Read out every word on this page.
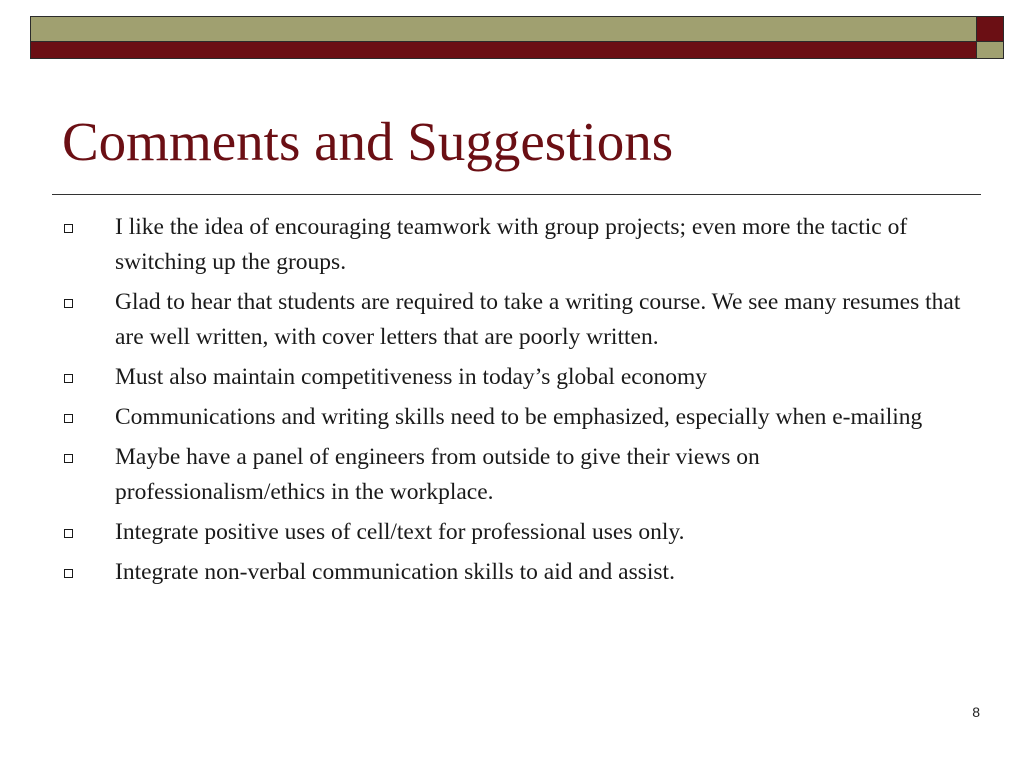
Comments and Suggestions
I like the idea of encouraging teamwork with group projects; even more the tactic of switching up the groups.
Glad to hear that students are required to take a writing course. We see many resumes that are well written, with cover letters that are poorly written.
Must also maintain competitiveness in today’s global economy
Communications and writing skills need to be emphasized, especially when e-mailing
Maybe have a panel of engineers from outside to give their views on professionalism/ethics in the workplace.
Integrate positive uses of cell/text for professional uses only.
Integrate non-verbal communication skills to aid and assist.
8
